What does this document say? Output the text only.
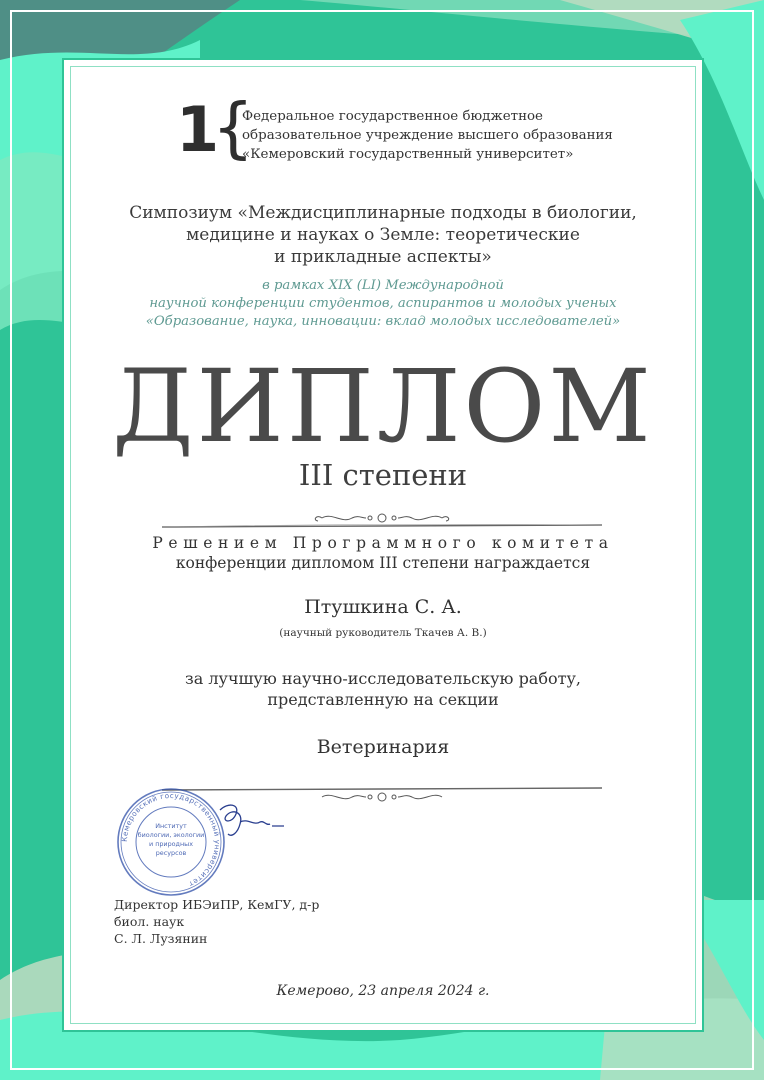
1
{
Федеральное государственное бюджетное
образовательное учреждение высшего образования
«Кемеровский государственный университет»
Симпозиум «Междисциплинарные подходы в биологии,
медицине и науках о Земле: теоретические
и прикладные аспекты»
в рамках XIX (LI) Международной
научной конференции студентов, аспирантов и молодых ученых
«Образование, наука, инновации: вклад молодых исследователей»
ДИПЛОМ
III степени
Решением Программного комитета
конференции дипломом III степени награждается
Птушкина С. А.
(научный руководитель Ткачев А. В.)
за лучшую научно-исследовательскую работу,
представленную на секции
Ветеринария
Кемеровский государственный университет
Институт
биологии, экологии
и природных
ресурсов
Директор ИБЭиПР, КемГУ, д-р
биол. наук
С. Л. Лузянин
Кемерово, 23 апреля 2024 г.
